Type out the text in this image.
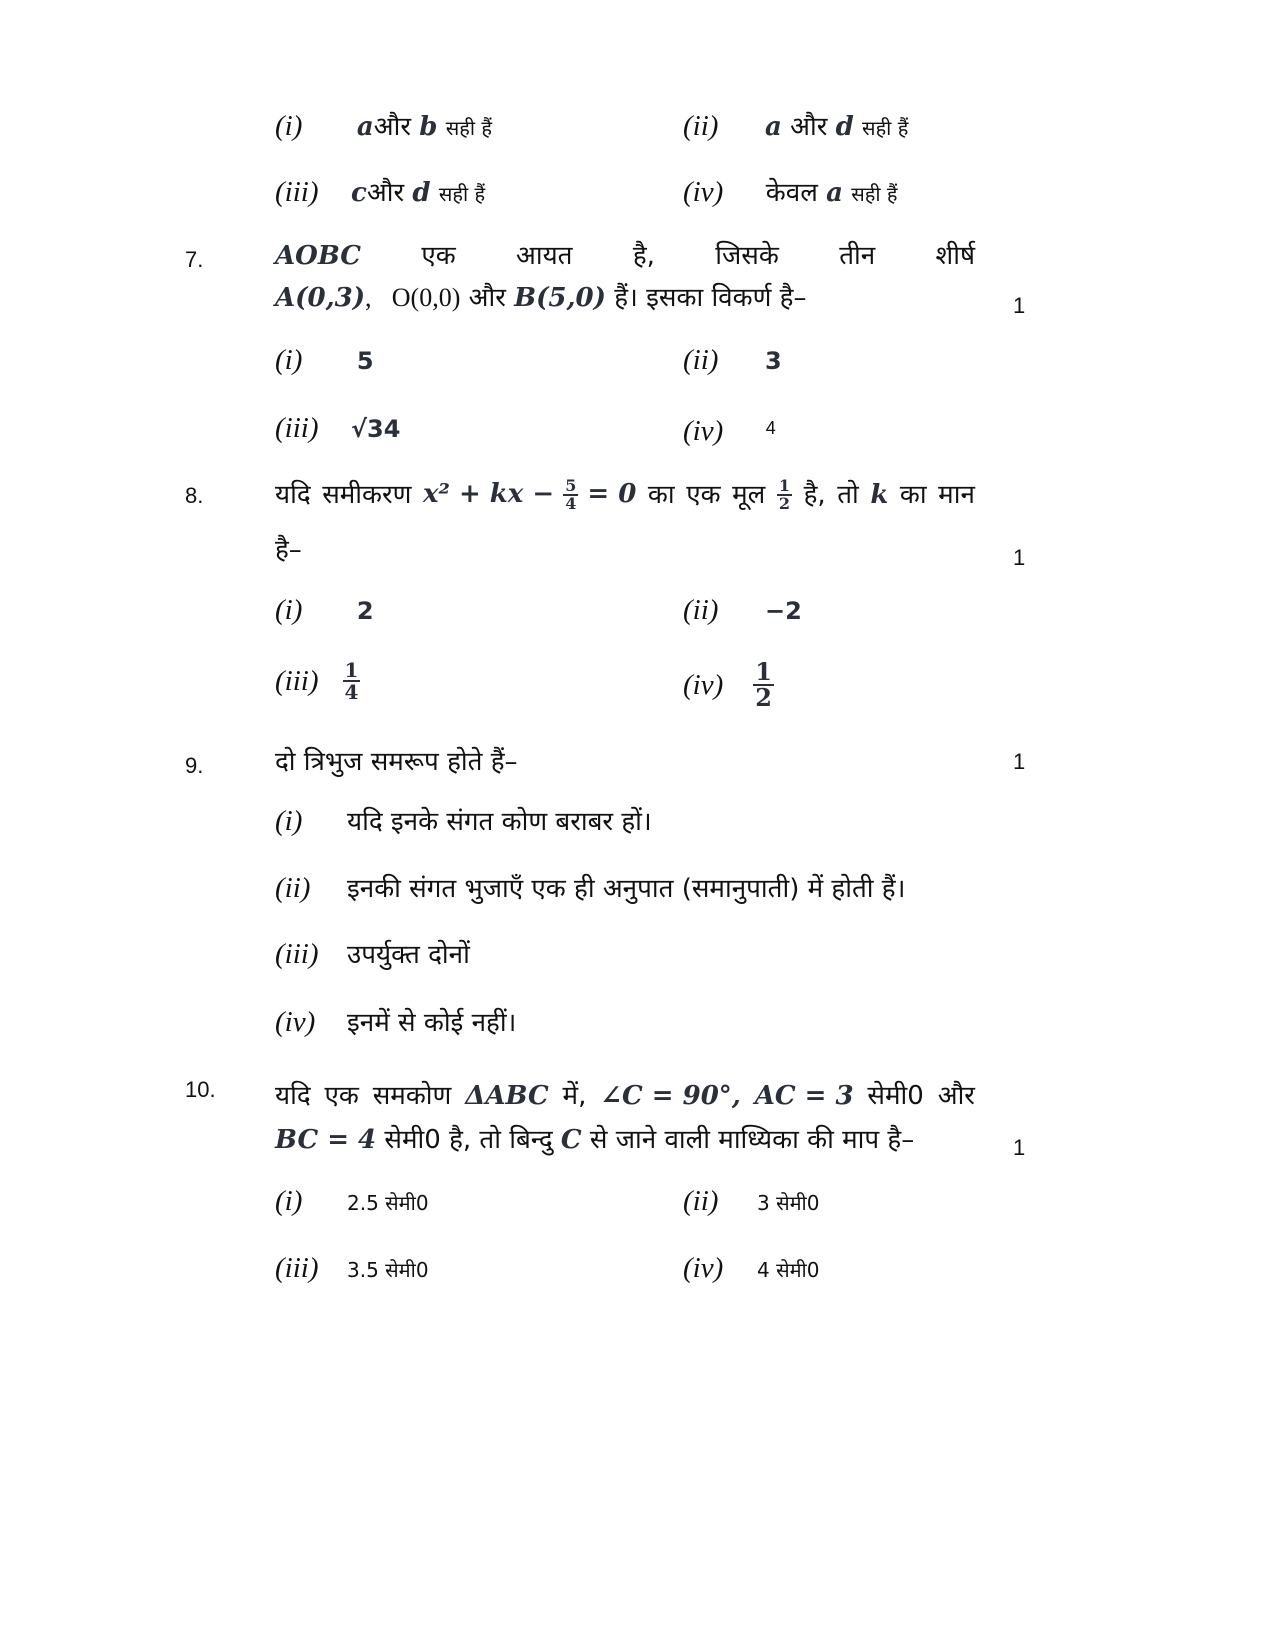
(i) aऔर b सही हैं	(ii) a और d सही हैं
(iii) cऔर d सही हैं	(iv) केवल a सही हैं
7.	AOBC एक आयत है, जिसके तीन शीर्ष
A(0,3), O(0,0) और B(5,0) हैं। इसका विकर्ण है–	1
(i) 5	(ii) 3
(iii) √34	(iv) $^4$
8.	यदि समीकरण x² + kx − $\frac{5}{4} = 0$ का एक मूल $\frac{1}{2}$ है, तो k का मान
है–	1
(i) 2	(ii) −2
$(iii) \frac{1}{4}$	$(iv) \frac{1}{2}$
9.	दो त्रिभुज समरूप होते हैं–	1
(i) यदि इनके संगत कोण बराबर हों।
(ii) इनकी संगत भुजाएँ एक ही अनुपात (समानुपाती) में होती हैं।
(iii) उपर्युक्त दोनों
(iv) इनमें से कोई नहीं।
10. यदि एक समकोण ΔABC में, ∠C = 90°, AC = 3 सेमी0 और
BC = 4 सेमी0 है, तो बिन्दु C से जाने वाली माध्यिका की माप है–	1
(i) 2.5 सेमी0	(ii) 3 सेमी0
(iii) 3.5 सेमी0	(iv) 4 सेमी0
